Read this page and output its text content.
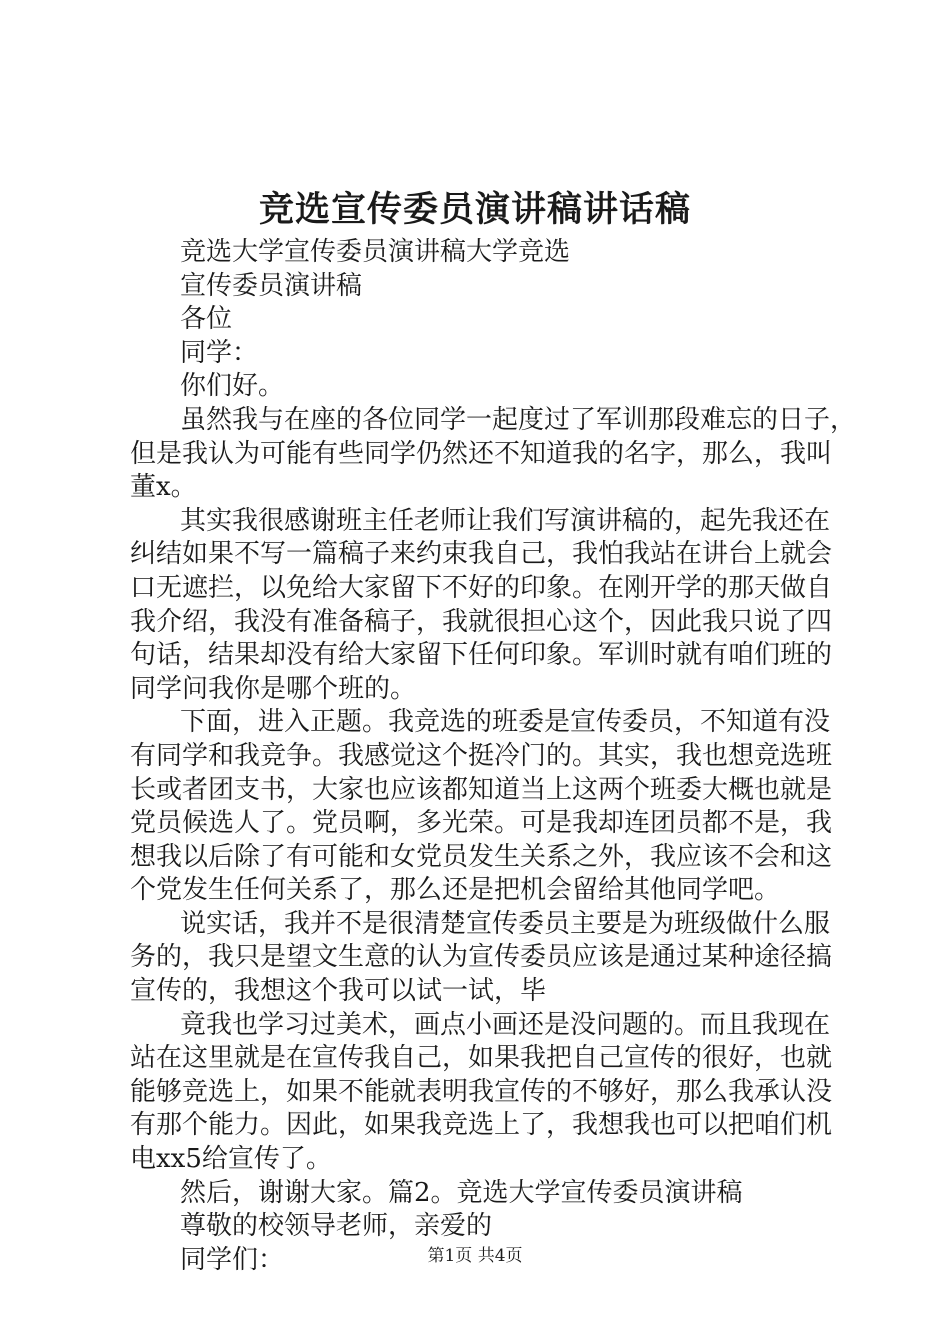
竞选宣传委员演讲稿讲话稿
竞选大学宣传委员演讲稿大学竞选
宣传委员演讲稿
各位
同学：
你们好。
虽然我与在座的各位同学一起度过了军训那段难忘的日子，
但是我认为可能有些同学仍然还不知道我的名字，那么，我叫
董x。
其实我很感谢班主任老师让我们写演讲稿的，起先我还在
纠结如果不写一篇稿子来约束我自己，我怕我站在讲台上就会
口无遮拦，以免给大家留下不好的印象。在刚开学的那天做自
我介绍，我没有准备稿子，我就很担心这个，因此我只说了四
句话，结果却没有给大家留下任何印象。军训时就有咱们班的
同学问我你是哪个班的。
下面，进入正题。我竞选的班委是宣传委员，不知道有没
有同学和我竞争。我感觉这个挺冷门的。其实，我也想竞选班
长或者团支书，大家也应该都知道当上这两个班委大概也就是
党员候选人了。党员啊，多光荣。可是我却连团员都不是，我
想我以后除了有可能和女党员发生关系之外，我应该不会和这
个党发生任何关系了，那么还是把机会留给其他同学吧。
说实话，我并不是很清楚宣传委员主要是为班级做什么服
务的，我只是望文生意的认为宣传委员应该是通过某种途径搞
宣传的，我想这个我可以试一试，毕
竟我也学习过美术，画点小画还是没问题的。而且我现在
站在这里就是在宣传我自己，如果我把自己宣传的很好，也就
能够竞选上，如果不能就表明我宣传的不够好，那么我承认没
有那个能力。因此，如果我竞选上了，我想我也可以把咱们机
电xx5给宣传了。
然后，谢谢大家。篇2。竞选大学宣传委员演讲稿
尊敬的校领导老师，亲爱的
同学们：	第1页 共4页
